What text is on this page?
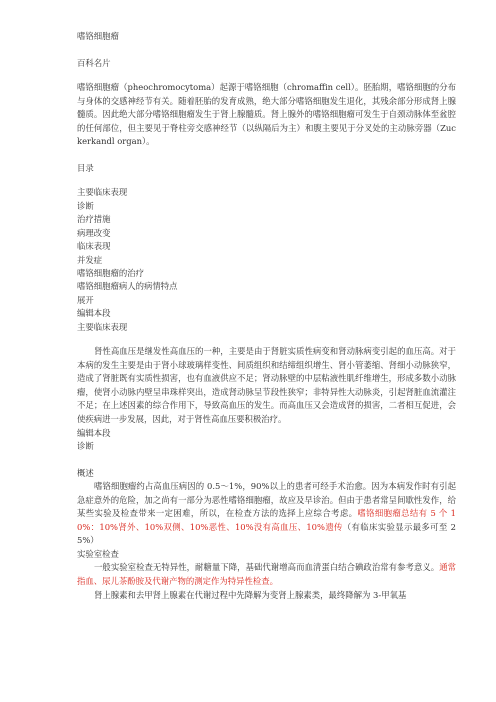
嗜铬细胞瘤
百科名片
嗜铬细胞瘤（pheochromocytoma）起源于嗜铬细胞（chromaffin cell）。胚胎期，嗜铬细胞的分布与身体的交感神经节有关。随着胚胎的发育成熟，绝大部分嗜铬细胞发生退化，其残余部分形成肾上腺髓质。因此绝大部分嗜铬细胞瘤发生于肾上腺髓质。肾上腺外的嗜铬细胞瘤可发生于自颈动脉体至盆腔的任何部位，但主要见于脊柱旁交感神经节（以纵隔后为主）和腹主要见于分叉处的主动脉旁器（Zuckerkandl organ）。
目录
主要临床表现
诊断
治疗措施
病理改变
临床表现
并发症
嗜铬细胞瘤的治疗
嗜铬细胞瘤病人的病情特点
展开
编辑本段
主要临床表现
肾性高血压是继发性高血压的一种，主要是由于肾脏实质性病变和肾动脉病变引起的血压高。对于本病的发生主要是由于肾小球玻璃样变性、间质组织和结缔组织增生、肾小管萎缩、肾细小动脉狭窄，造成了肾脏既有实质性损害，也有血液供应不足；肾动脉壁的中层粘液性肌纤维增生，形成多数小动脉瘤，使肾小动脉内壁呈串珠样突出，造成肾动脉呈节段性狭窄；非特异性大动脉炎，引起肾脏血流灌注不足；在上述因素的综合作用下，导致高血压的发生。而高血压又会造成肾的损害，二者相互促进，会使疾病进一步发展，因此，对于肾性高血压要积极治疗。
编辑本段
诊断
概述
嗜铬细胞瘤约占高血压病因的 0.5～1%，90%以上的患者可经手术治愈。因为本病发作时有引起急症意外的危险，加之尚有一部分为恶性嗜铬细胞瘤，故应及早诊治。但由于患者常呈间歇性发作，给某些实验及检查带来一定困难，所以，在检查方法的选择上应综合考虑。嗜铬细胞瘤总结有 5 个 10%：10%肾外、10%双侧、10%恶性、10%没有高血压、10%遗传（有临床实验显示最多可至 25%）
实验室检查
一般实验室检查无特异性，耐糖量下降，基础代谢增高而血清蛋白结合碘政治常有参考意义。通常指血、尿儿茶酚胺及代谢产物的测定作为特异性检查。
肾上腺素和去甲肾上腺素在代谢过程中先降解为变肾上腺素类，最终降解为 3-甲氧基
